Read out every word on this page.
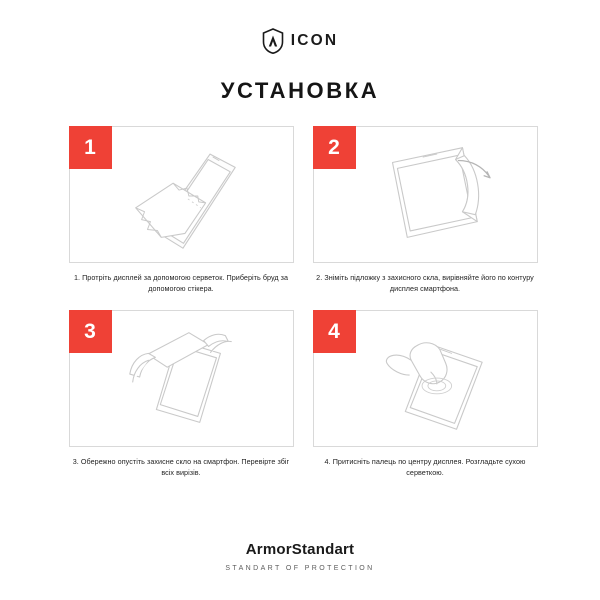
ICON
УСТАНОВКА
1
1. Протріть дисплей за допомогою серветок. Приберіть бруд за допомогою стікера.
2
2. Зніміть підложку з захисного скла, вирівняйте його по контуру дисплея смартфона.
3
3. Обережно опустіть захисне скло на смартфон. Перевірте збіг всіх вирізів.
4
4. Притисніть палець по центру дисплея. Розгладьте сухою серветкою.
ArmorStandart
STANDART OF PROTECTION
